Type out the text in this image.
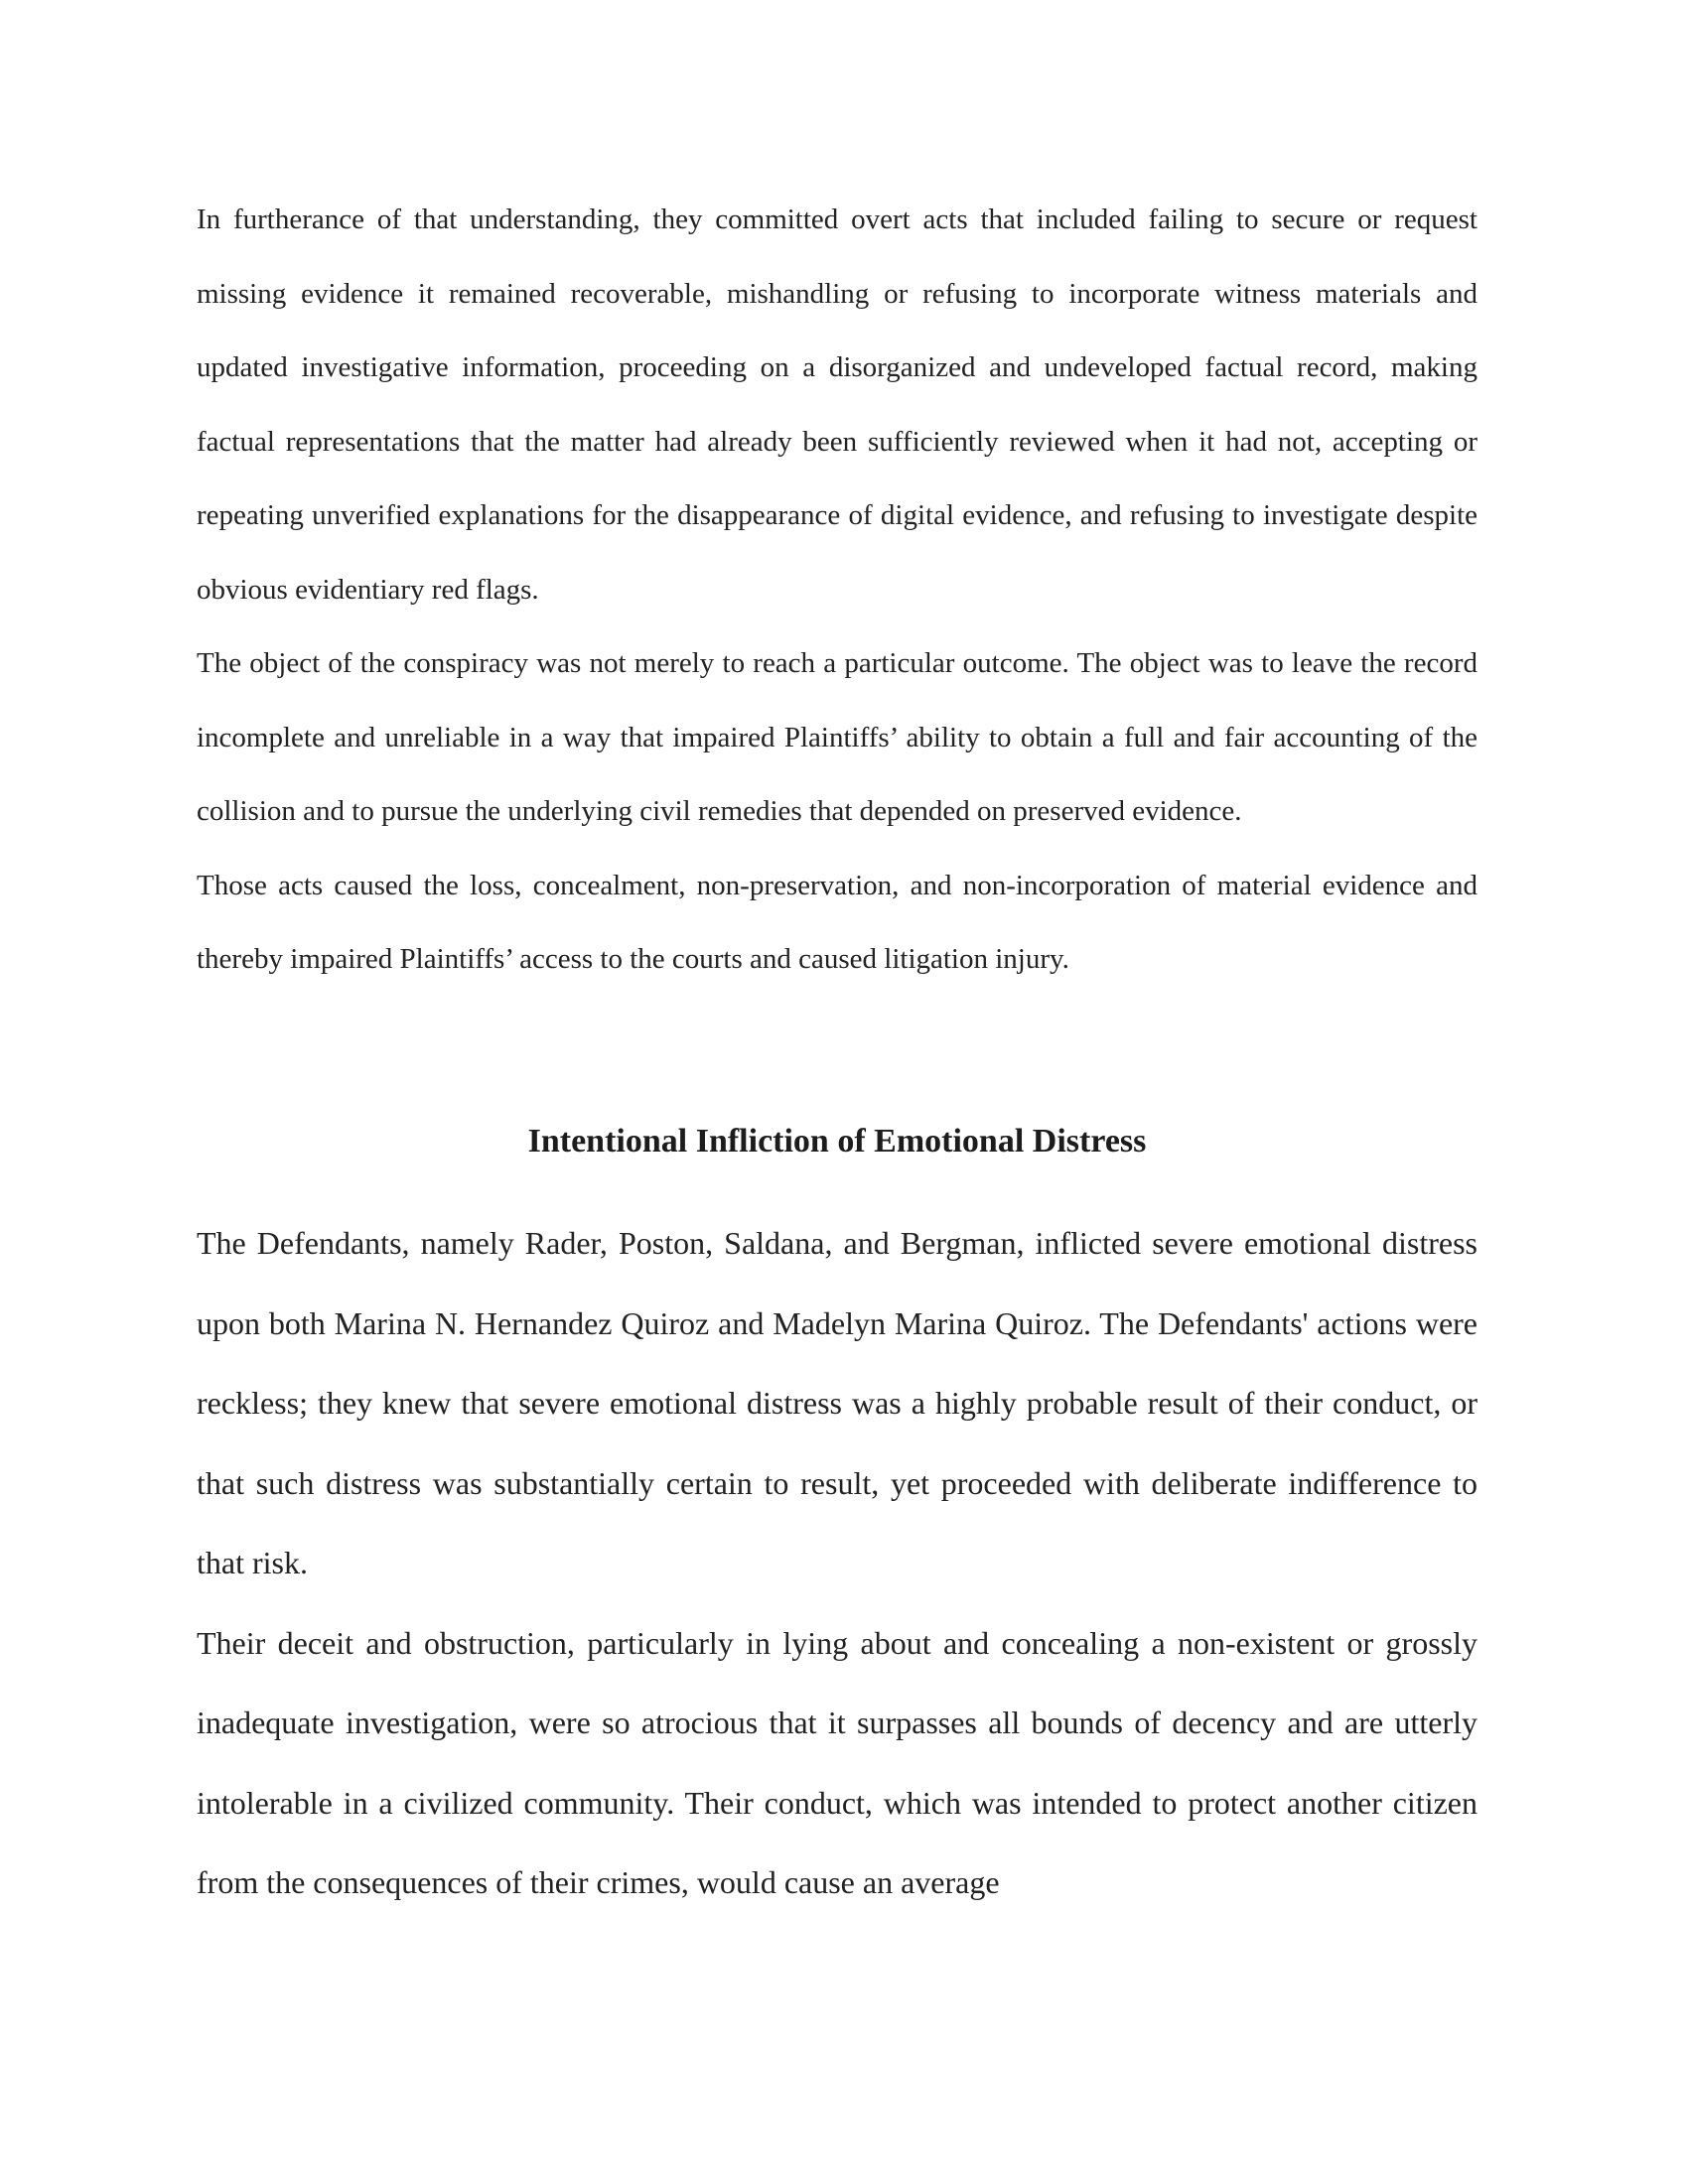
In furtherance of that understanding, they committed overt acts that included failing to secure or request missing evidence it remained recoverable, mishandling or refusing to incorporate witness materials and updated investigative information, proceeding on a disorganized and undeveloped factual record, making factual representations that the matter had already been sufficiently reviewed when it had not, accepting or repeating unverified explanations for the disappearance of digital evidence, and refusing to investigate despite obvious evidentiary red flags.

The object of the conspiracy was not merely to reach a particular outcome. The object was to leave the record incomplete and unreliable in a way that impaired Plaintiffs’ ability to obtain a full and fair accounting of the collision and to pursue the underlying civil remedies that depended on preserved evidence.

Those acts caused the loss, concealment, non-preservation, and non-incorporation of material evidence and thereby impaired Plaintiffs’ access to the courts and caused litigation injury.

Intentional Infliction of Emotional Distress

The Defendants, namely Rader, Poston, Saldana, and Bergman, inflicted severe emotional distress upon both Marina N. Hernandez Quiroz and Madelyn Marina Quiroz. The Defendants' actions were reckless; they knew that severe emotional distress was a highly probable result of their conduct, or that such distress was substantially certain to result, yet proceeded with deliberate indifference to that risk.

Their deceit and obstruction, particularly in lying about and concealing a non-existent or grossly inadequate investigation, were so atrocious that it surpasses all bounds of decency and are utterly intolerable in a civilized community. Their conduct, which was intended to protect another citizen from the consequences of their crimes, would cause an average
